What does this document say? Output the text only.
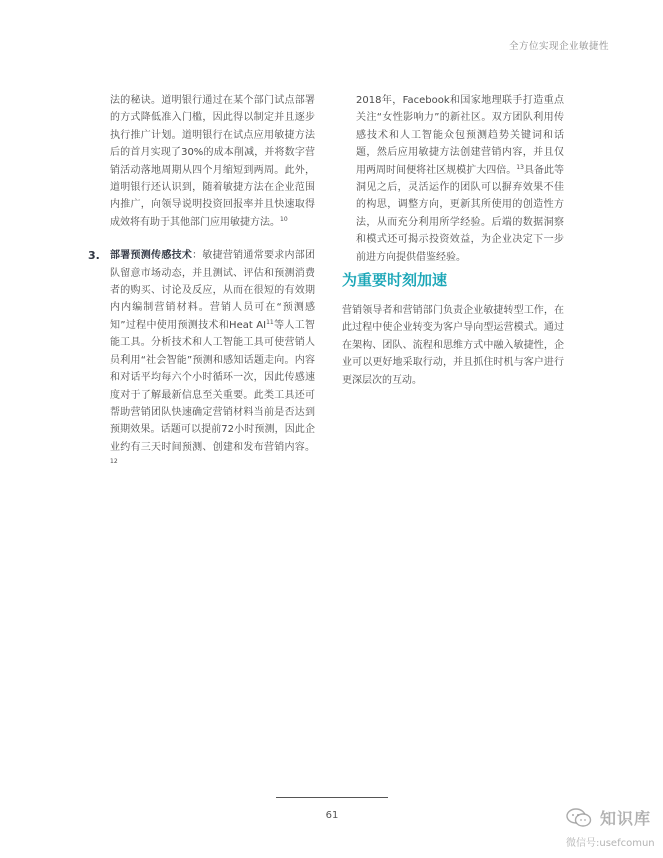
全方位实现企业敏捷性

法的秘诀。道明银行通过在某个部门试点部署的方式降低准入门槛，因此得以制定并且逐步执行推广计划。道明银行在试点应用敏捷方法后的首月实现了30%的成本削减，并将数字营销活动落地周期从四个月缩短到两周。此外，道明银行还认识到，随着敏捷方法在企业范围内推广，向领导说明投资回报率并且快速取得成效将有助于其他部门应用敏捷方法。$^{10}$

3. 部署预测传感技术：敏捷营销通常要求内部团队留意市场动态，并且测试、评估和预测消费者的购买、讨论及反应，从而在很短的有效期内内编制营销材料。营销人员可在“预测感知”过程中使用预测技术和Heat AI$^{11}$等人工智能工具。分析技术和人工智能工具可使营销人员利用“社会智能”预测和感知话题走向。内容和对话平均每六个小时循环一次，因此传感速度对于了解最新信息至关重要。此类工具还可帮助营销团队快速确定营销材料当前是否达到预期效果。话题可以提前72小时预测，因此企业约有三天时间预测、创建和发布营销内容。$^{12}$

2018年，Facebook和国家地理联手打造重点关注“女性影响力”的新社区。双方团队利用传感技术和人工智能众包预测趋势关键词和话题，然后应用敏捷方法创建营销内容，并且仅用两周时间便将社区规模扩大四倍。$^{13}$具备此等洞见之后，灵活运作的团队可以摒弃效果不佳的构思，调整方向，更新其所使用的创造性方法，从而充分利用所学经验。后端的数据洞察和模式还可揭示投资效益，为企业决定下一步前进方向提供借鉴经验。

为重要时刻加速

营销领导者和营销部门负责企业敏捷转型工作，在此过程中使企业转变为客户导向型运营模式。通过在架构、团队、流程和思维方式中融入敏捷性，企业可以更好地采取行动，并且抓住时机与客户进行更深层次的互动。

61	知识库
微信号:usefcomun
